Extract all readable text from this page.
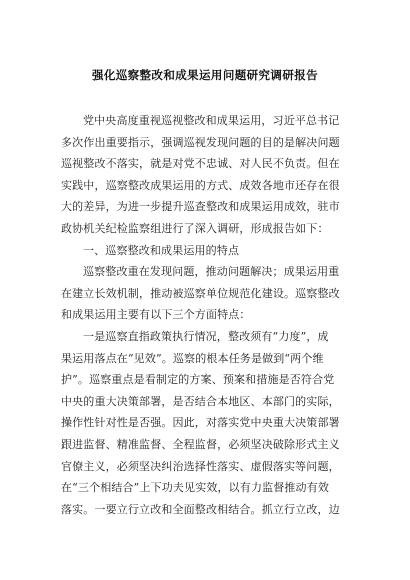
强化巡察整改和成果运用问题研究调研报告
党中央高度重视巡视整改和成果运用，习近平总书记
多次作出重要指示，强调巡视发现问题的目的是解决问题
巡视整改不落实，就是对党不忠诚、对人民不负责。但在
实践中，巡察整改成果运用的方式、成效各地市还存在很
大的差异，为进一步提升巡查整改和成果运用成效，驻市
政协机关纪检监察组进行了深入调研，形成报告如下：
一、巡察整改和成果运用的特点
巡察整改重在发现问题，推动问题解决；成果运用重
在建立长效机制，推动被巡察单位规范化建设。巡察整改
和成果运用主要有以下三个方面特点：
一是巡察直指政策执行情况，整改须有“力度”，成
果运用落点在“见效”。巡察的根本任务是做到“两个维
护”。巡察重点是看制定的方案、预案和措施是否符合党
中央的重大决策部署，是否结合本地区、本部门的实际，
操作性针对性是否强。因此，对落实党中央重大决策部署
跟进监督、精准监督、全程监督，必须坚决破除形式主义
官僚主义，必须坚决纠治选择性落实、虚假落实等问题，
在“三个相结合”上下功夫见实效，以有力监督推动有效
落实。一要立行立改和全面整改相结合。抓立行立改，边
